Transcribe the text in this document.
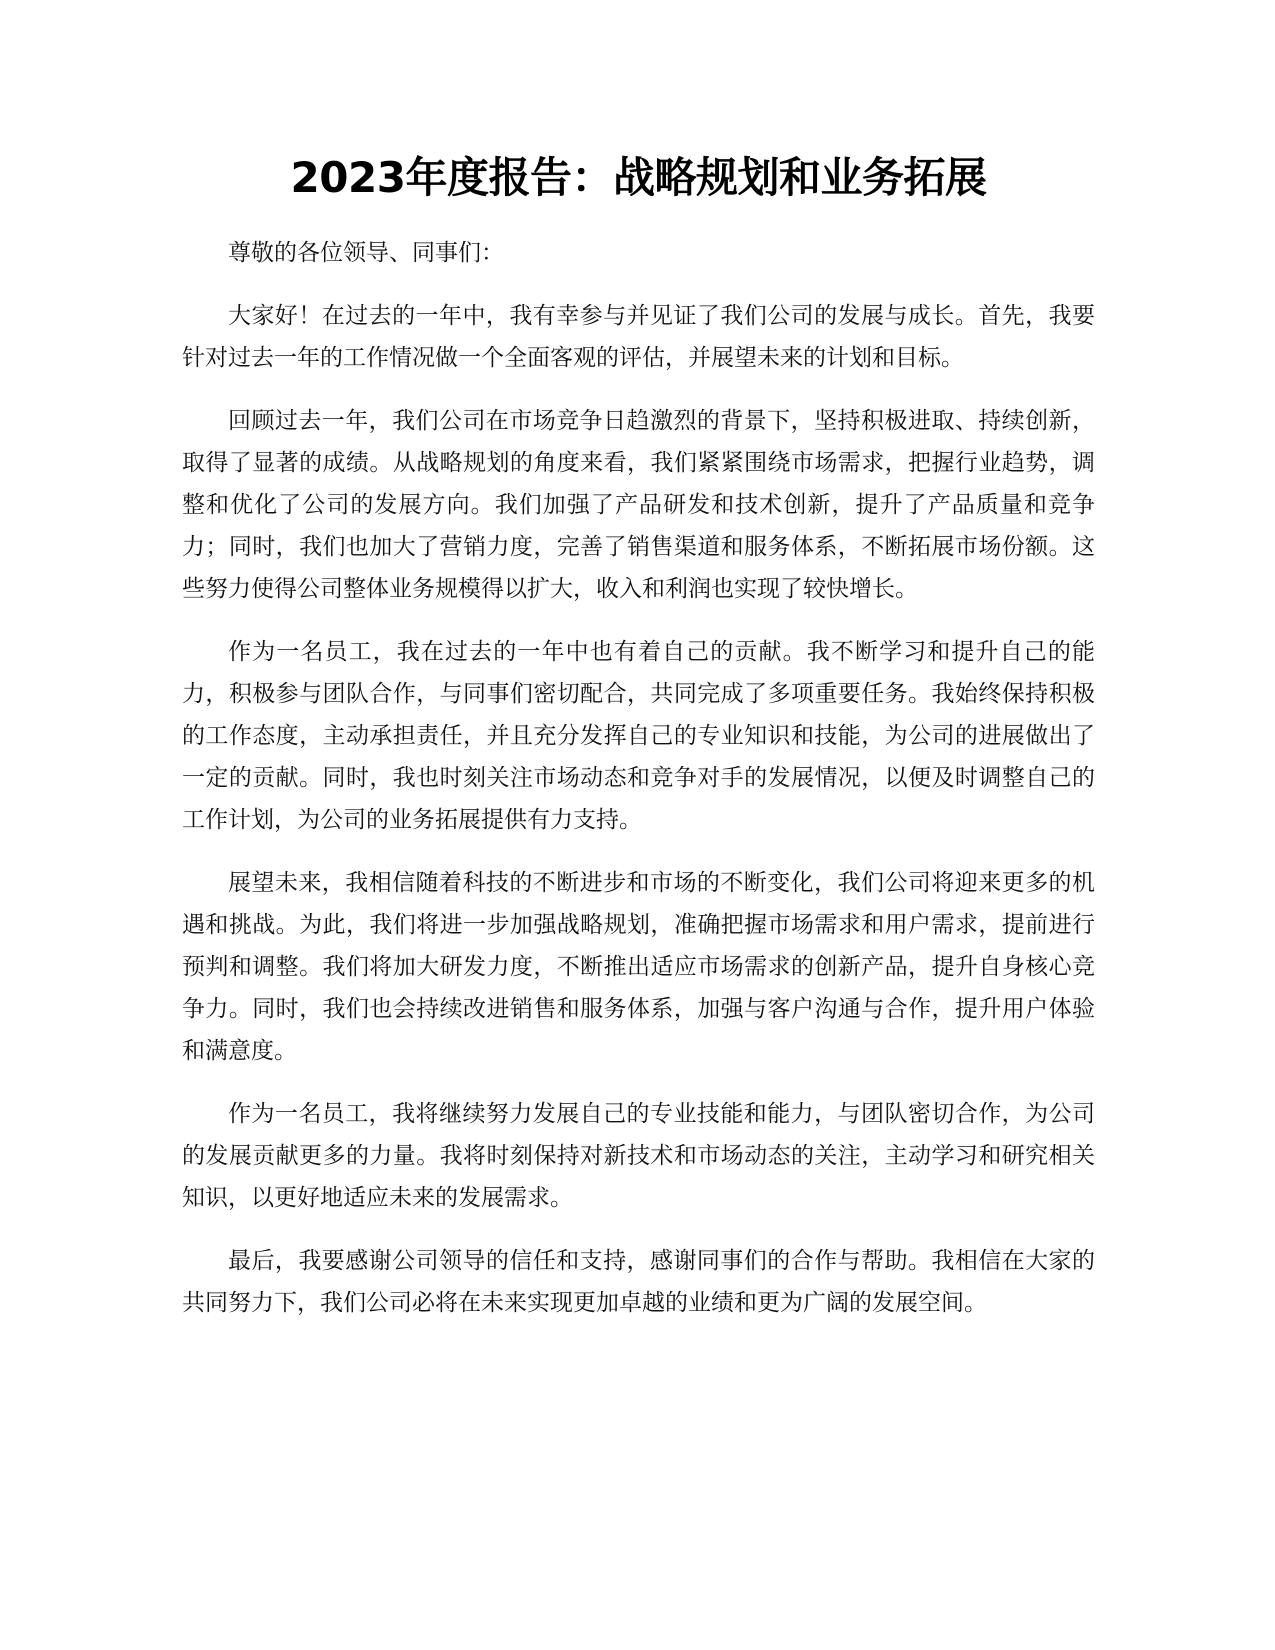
2023年度报告：战略规划和业务拓展

尊敬的各位领导、同事们：

大家好！在过去的一年中，我有幸参与并见证了我们公司的发展与成长。首先，我要针对过去一年的工作情况做一个全面客观的评估，并展望未来的计划和目标。

回顾过去一年，我们公司在市场竞争日趋激烈的背景下，坚持积极进取、持续创新，取得了显著的成绩。从战略规划的角度来看，我们紧紧围绕市场需求，把握行业趋势，调整和优化了公司的发展方向。我们加强了产品研发和技术创新，提升了产品质量和竞争力；同时，我们也加大了营销力度，完善了销售渠道和服务体系，不断拓展市场份额。这些努力使得公司整体业务规模得以扩大，收入和利润也实现了较快增长。

作为一名员工，我在过去的一年中也有着自己的贡献。我不断学习和提升自己的能力，积极参与团队合作，与同事们密切配合，共同完成了多项重要任务。我始终保持积极的工作态度，主动承担责任，并且充分发挥自己的专业知识和技能，为公司的进展做出了一定的贡献。同时，我也时刻关注市场动态和竞争对手的发展情况，以便及时调整自己的工作计划，为公司的业务拓展提供有力支持。

展望未来，我相信随着科技的不断进步和市场的不断变化，我们公司将迎来更多的机遇和挑战。为此，我们将进一步加强战略规划，准确把握市场需求和用户需求，提前进行预判和调整。我们将加大研发力度，不断推出适应市场需求的创新产品，提升自身核心竞争力。同时，我们也会持续改进销售和服务体系，加强与客户沟通与合作，提升用户体验和满意度。

作为一名员工，我将继续努力发展自己的专业技能和能力，与团队密切合作，为公司的发展贡献更多的力量。我将时刻保持对新技术和市场动态的关注，主动学习和研究相关知识，以更好地适应未来的发展需求。

最后，我要感谢公司领导的信任和支持，感谢同事们的合作与帮助。我相信在大家的共同努力下，我们公司必将在未来实现更加卓越的业绩和更为广阔的发展空间。
